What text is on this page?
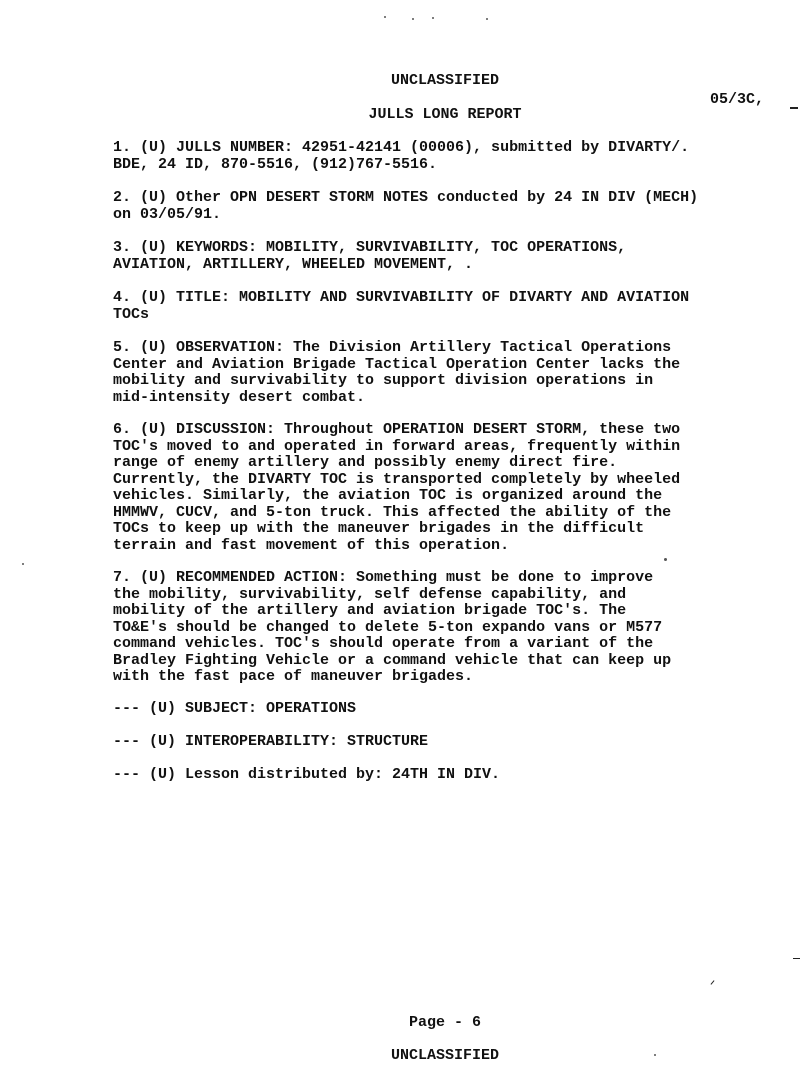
UNCLASSIFIED
05/3C,
JULLS LONG REPORT

1. (U) JULLS NUMBER: 42951-42141 (00006), submitted by DIVARTY/.
BDE, 24 ID, 870-5516, (912)767-5516.

2. (U) Other OPN DESERT STORM NOTES conducted by 24 IN DIV (MECH)
on 03/05/91.

3. (U) KEYWORDS: MOBILITY, SURVIVABILITY, TOC OPERATIONS,
AVIATION, ARTILLERY, WHEELED MOVEMENT, .

4. (U) TITLE: MOBILITY AND SURVIVABILITY OF DIVARTY AND AVIATION
TOCs

5. (U) OBSERVATION: The Division Artillery Tactical Operations
Center and Aviation Brigade Tactical Operation Center lacks the
mobility and survivability to support division operations in
mid-intensity desert combat.

6. (U) DISCUSSION: Throughout OPERATION DESERT STORM, these two
TOC's moved to and operated in forward areas, frequently within
range of enemy artillery and possibly enemy direct fire.
Currently, the DIVARTY TOC is transported completely by wheeled
vehicles. Similarly, the aviation TOC is organized around the
HMMWV, CUCV, and 5-ton truck. This affected the ability of the
TOCs to keep up with the maneuver brigades in the difficult
terrain and fast movement of this operation.

7. (U) RECOMMENDED ACTION: Something must be done to improve
the mobility, survivability, self defense capability, and
mobility of the artillery and aviation brigade TOC's. The
TO&E's should be changed to delete 5-ton expando vans or M577
command vehicles. TOC's should operate from a variant of the
Bradley Fighting Vehicle or a command vehicle that can keep up
with the fast pace of maneuver brigades.

--- (U) SUBJECT: OPERATIONS

--- (U) INTEROPERABILITY: STRUCTURE

--- (U) Lesson distributed by: 24TH IN DIV.

Page - 6
UNCLASSIFIED
